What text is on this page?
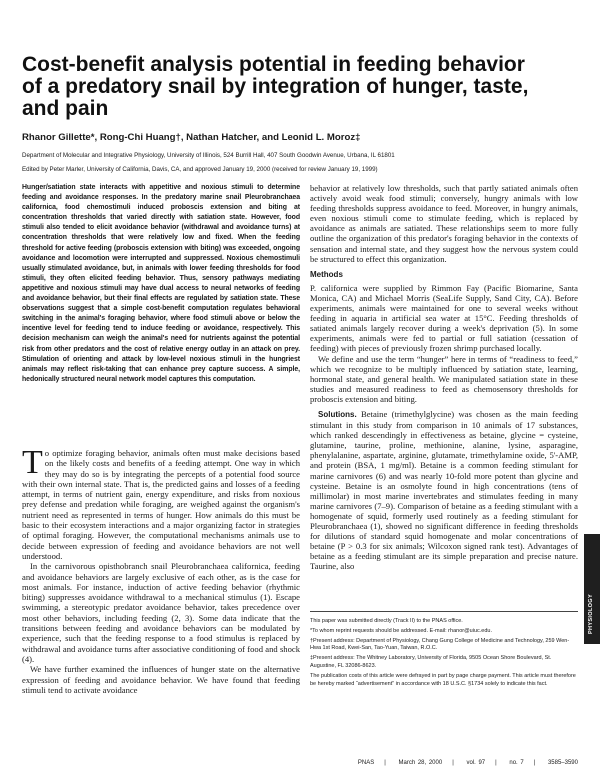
Cost-benefit analysis potential in feeding behavior of a predatory snail by integration of hunger, taste, and pain

Rhanor Gillette*, Rong-Chi Huang†, Nathan Hatcher, and Leonid L. Moroz‡

Department of Molecular and Integrative Physiology, University of Illinois, 524 Burrill Hall, 407 South Goodwin Avenue, Urbana, IL 61801

Edited by Peter Marler, University of California, Davis, CA, and approved January 19, 2000 (received for review January 19, 1999)

Hunger/satiation state interacts with appetitive and noxious stimuli to determine feeding and avoidance responses. In the predatory marine snail Pleurobranchaea californica, food chemostimuli induced proboscis extension and biting at concentration thresholds that varied directly with satiation state. However, food stimuli also tended to elicit avoidance behavior (withdrawal and avoidance turns) at concentration thresholds that were relatively low and fixed. When the feeding threshold for active feeding (proboscis extension with biting) was exceeded, ongoing avoidance and locomotion were interrupted and suppressed. Noxious chemostimuli usually stimulated avoidance, but, in animals with lower feeding thresholds for food stimuli, they often elicited feeding behavior. Thus, sensory pathways mediating appetitive and noxious stimuli may have dual access to neural networks of feeding and avoidance behavior, but their final effects are regulated by satiation state. These observations suggest that a simple cost-benefit computation regulates behavioral switching in the animal's foraging behavior, where food stimuli above or below the incentive level for feeding tend to induce feeding or avoidance, respectively. This decision mechanism can weigh the animal's need for nutrients against the potential risk from other predators and the cost of relative energy outlay in an attack on prey. Stimulation of orienting and attack by low-level noxious stimuli in the hungriest animals may reflect risk-taking that can enhance prey capture success. A simple, hedonically structured neural network model captures this computation.

To optimize foraging behavior, animals often must make decisions based on the likely costs and benefits of a feeding attempt. One way in which they may do so is by integrating the percepts of a potential food source with their own internal state. That is, the predicted gains and losses of a feeding attempt, in terms of nutrient gain, energy expenditure, and risks from noxious prey defense and predation while foraging, are weighed against the organism's nutrient need as represented in terms of hunger. How animals do this must be basic to their ecosystem interactions and a major organizing factor in strategies of optimal foraging. However, the computational mechanisms animals use to decide between expression of feeding and avoidance behaviors are not well understood.

In the carnivorous opisthobranch snail Pleurobranchaea californica, feeding and avoidance behaviors are largely exclusive of each other, as is the case for most animals. For instance, induction of active feeding behavior (rhythmic biting) suppresses avoidance withdrawal to a mechanical stimulus (1). Escape swimming, a stereotypic predator avoidance behavior, takes precedence over most other behaviors, including feeding (2, 3). Some data indicate that the transitions between feeding and avoidance behaviors can be modulated by experience, such that the feeding response to a food stimulus is replaced by withdrawal and avoidance turns after associative conditioning of food and shock (4).

We have further examined the influences of hunger state on the alternative expression of feeding and avoidance behavior. We have found that feeding stimuli tend to activate avoidance

behavior at relatively low thresholds, such that partly satiated animals often actively avoid weak food stimuli; conversely, hungry animals with low feeding thresholds suppress avoidance to feed. Moreover, in hungry animals, even noxious stimuli come to stimulate feeding, which is replaced by avoidance as animals are satiated. These relationships seem to more fully outline the organization of this predator's foraging behavior in the contexts of sensation and internal state, and they suggest how the nervous system could be structured to effect this organization.

Methods

P. californica were supplied by Rimmon Fay (Pacific Biomarine, Santa Monica, CA) and Michael Morris (SeaLife Supply, Sand City, CA). Before experiments, animals were maintained for one to several weeks without feeding in aquaria in artificial sea water at 15°C. Feeding thresholds of satiated animals largely recover during a week's deprivation (5). In some experiments, animals were fed to partial or full satiation (cessation of feeding) with pieces of previously frozen shrimp purchased locally.

We define and use the term “hunger” here in terms of “readiness to feed,” which we recognize to be multiply influenced by satiation state, learning, hormonal state, and general health. We manipulated satiation state in these studies and measured readiness to feed as chemosensory thresholds for proboscis extension and biting.

Solutions. Betaine (trimethylglycine) was chosen as the main feeding stimulant in this study from comparison in 10 animals of 17 substances, which ranked descendingly in effectiveness as betaine, glycine = cysteine, glutamine, taurine, proline, methionine, alanine, lysine, asparagine, phenylalanine, aspartate, arginine, glutamate, trimethylamine oxide, 5'-AMP, and protein (BSA, 1 mg/ml). Betaine is a common feeding stimulant for marine carnivores (6) and was nearly 10-fold more potent than glycine and cysteine. Betaine is an osmolyte found in high concentrations (tens of millimolar) in most marine invertebrates and stimulates feeding in many marine carnivores (7–9). Comparison of betaine as a feeding stimulant with a homogenate of squid, formerly used routinely as a feeding stimulant for Pleurobranchaea (1), showed no significant difference in feeding thresholds for dilutions of standard squid homogenate and molar concentrations of betaine (P > 0.3 for six animals; Wilcoxon signed rank test). Advantages of betaine as a feeding stimulant are its simple preparation and precise nature. Taurine, also

This paper was submitted directly (Track II) to the PNAS office.

*To whom reprint requests should be addressed. E-mail: rhanor@uiuc.edu.

†Present address: Department of Physiology, Chang Gung College of Medicine and Technology, 259 Wen-Hwa 1st Road, Kwei-San, Tao-Yuan, Taiwan, R.O.C.

‡Present address: The Whitney Laboratory, University of Florida, 9505 Ocean Shore Boulevard, St. Augustine, FL 32086-8623.

The publication costs of this article were defrayed in part by page charge payment. This article must therefore be hereby marked “advertisement” in accordance with 18 U.S.C. §1734 solely to indicate this fact.

PHYSIOLOGY
PNAS | March 28, 2000 | vol. 97 | no. 7 | 3585–3590
